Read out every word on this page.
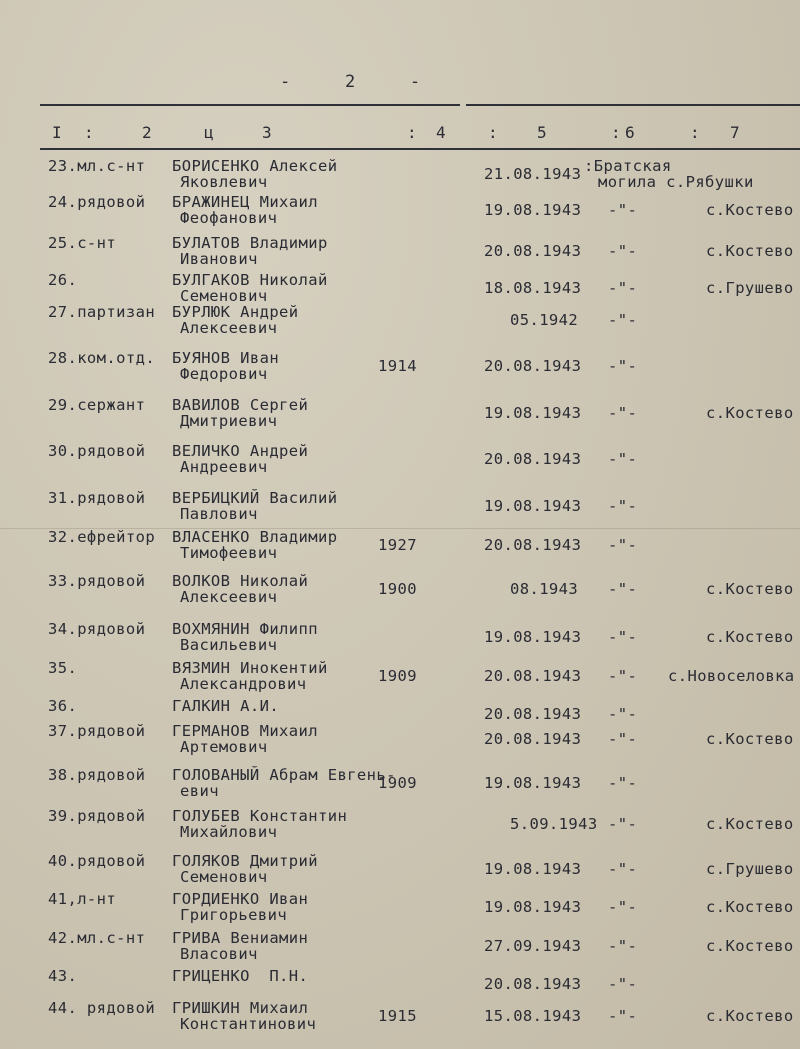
-   2   -
I :	2	ц	3	: 4	: 5	: 6	: 7
23.мл.с-нт БОРИСЕНКО Алексей
Яковлевич	21.08.1943 :Братская
могила с.Рябушки
24.рядовой БРАЖИНЕЦ Михаил
Феофанович	19.08.1943 -"-	с.Костево
25.с-нт	БУЛАТОВ Владимир
Иванович	20.08.1943 -"-	с.Костево
26.	БУЛГАКОВ Николай
Семенович	18.08.1943 -"-	с.Грушево
27.партизан БУРЛЮК Андрей
Алексеевич	05.1942 -"-
28.ком.отд. БУЯНОВ Иван
Федорович	1914	20.08.1943 -"-
29.сержант ВАВИЛОВ Сергей
Дмитриевич	19.08.1943 -"-	с.Костево
30.рядовой ВЕЛИЧКО Андрей
Андреевич	20.08.1943 -"-
31.рядовой ВЕРБИЦКИЙ Василий
Павлович	19.08.1943 -"-
32.ефрейтор ВЛАСЕНКО Владимир
Тимофеевич	1927	20.08.1943 -"-
33.рядовой ВОЛКОВ Николай
Алексеевич	1900	08.1943 -"-	с.Костево
34.рядовой ВОХМЯНИН Филипп
Васильевич	19.08.1943 -"-	с.Костево
35.	ВЯЗМИН Инокентий
Александрович	1909	20.08.1943 -"- с.Новоселовка
36.	ГАЛКИН А.И.	20.08.1943 -"-
37.рядовой ГЕРМАНОВ Михаил
Артемович	20.08.1943 -"-	с.Костево
38.рядовой ГОЛОВАНЫЙ Абрам Евгень-
евич	1909	19.08.1943 -"-
39.рядовой ГОЛУБЕВ Константин
Михайлович	5.09.1943 -"-	с.Костево
40.рядовой ГОЛЯКОВ Дмитрий
Семенович	19.08.1943 -"-	с.Грушево
41,л-нт	ГОРДИЕНКО Иван
Григорьевич	19.08.1943 -"-	с.Костево
42.мл.с-нт ГРИВА Вениамин
Власович	27.09.1943 -"-	с.Костево
43.	ГРИЦЕНКО  П.Н.	20.08.1943 -"-
44. рядовой ГРИШКИН Михаил
Константинович	1915	15.08.1943 -"-	с.Костево
